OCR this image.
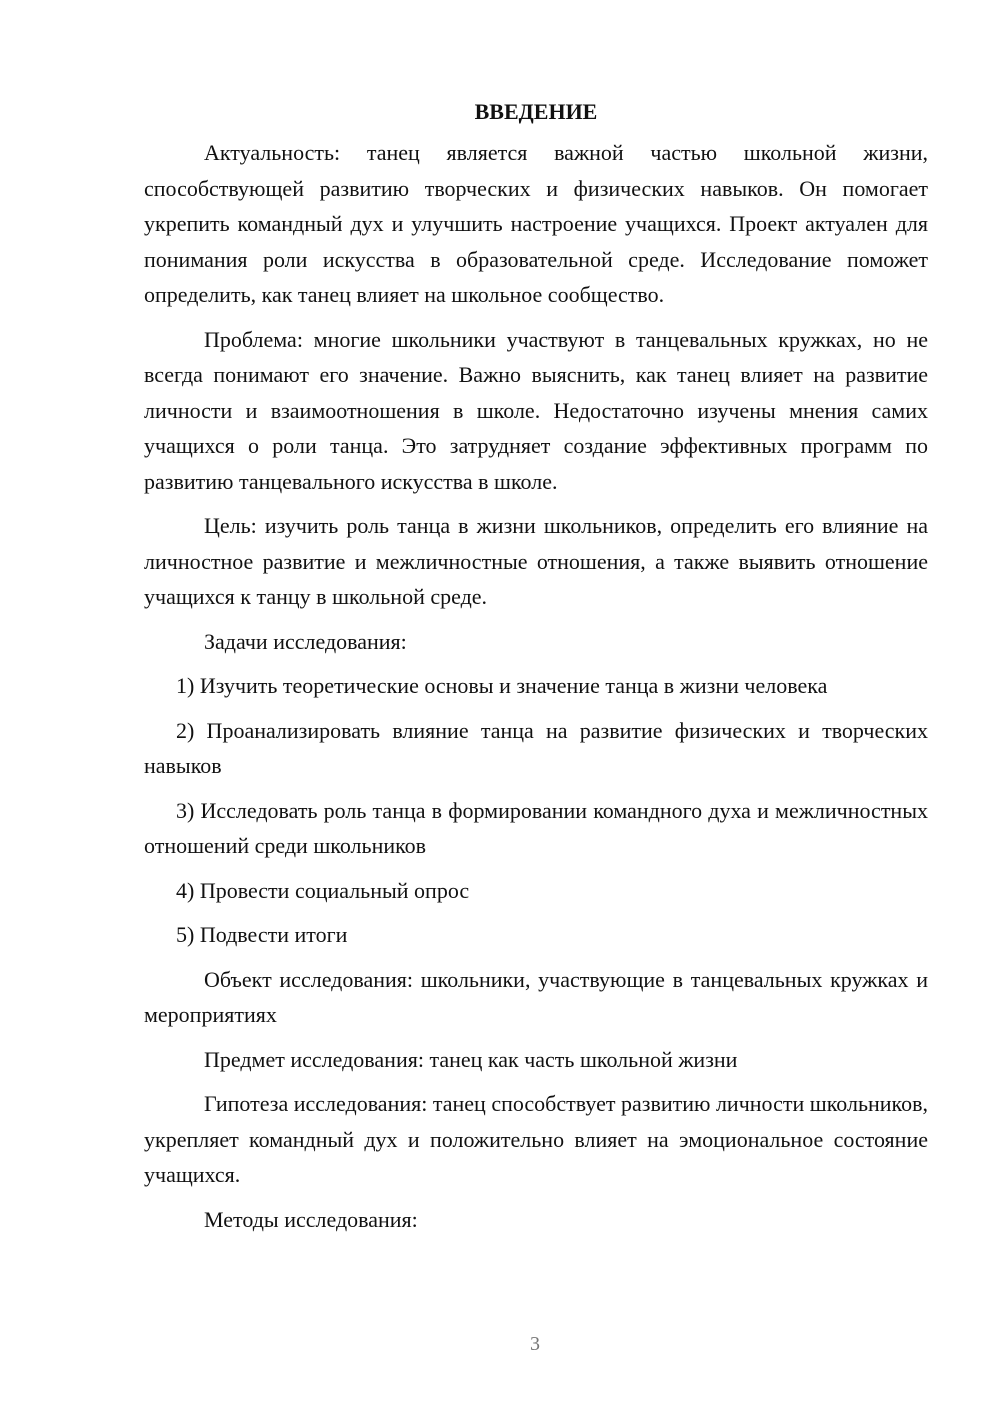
ВВЕДЕНИЕ

Актуальность: танец является важной частью школьной жизни, способствующей развитию творческих и физических навыков. Он помогает укрепить командный дух и улучшить настроение учащихся. Проект актуален для понимания роли искусства в образовательной среде. Исследование поможет определить, как танец влияет на школьное сообщество.

Проблема: многие школьники участвуют в танцевальных кружках, но не всегда понимают его значение. Важно выяснить, как танец влияет на развитие личности и взаимоотношения в школе. Недостаточно изучены мнения самих учащихся о роли танца. Это затрудняет создание эффективных программ по развитию танцевального искусства в школе.

Цель: изучить роль танца в жизни школьников, определить его влияние на личностное развитие и межличностные отношения, а также выявить отношение учащихся к танцу в школьной среде.

Задачи исследования:

1) Изучить теоретические основы и значение танца в жизни человека

2) Проанализировать влияние танца на развитие физических и творческих навыков

3) Исследовать роль танца в формировании командного духа и межличностных отношений среди школьников

4) Провести социальный опрос

5) Подвести итоги

Объект исследования: школьники, участвующие в танцевальных кружках и мероприятиях

Предмет исследования: танец как часть школьной жизни

Гипотеза исследования: танец способствует развитию личности школьников, укрепляет командный дух и положительно влияет на эмоциональное состояние учащихся.

Методы исследования:

3
